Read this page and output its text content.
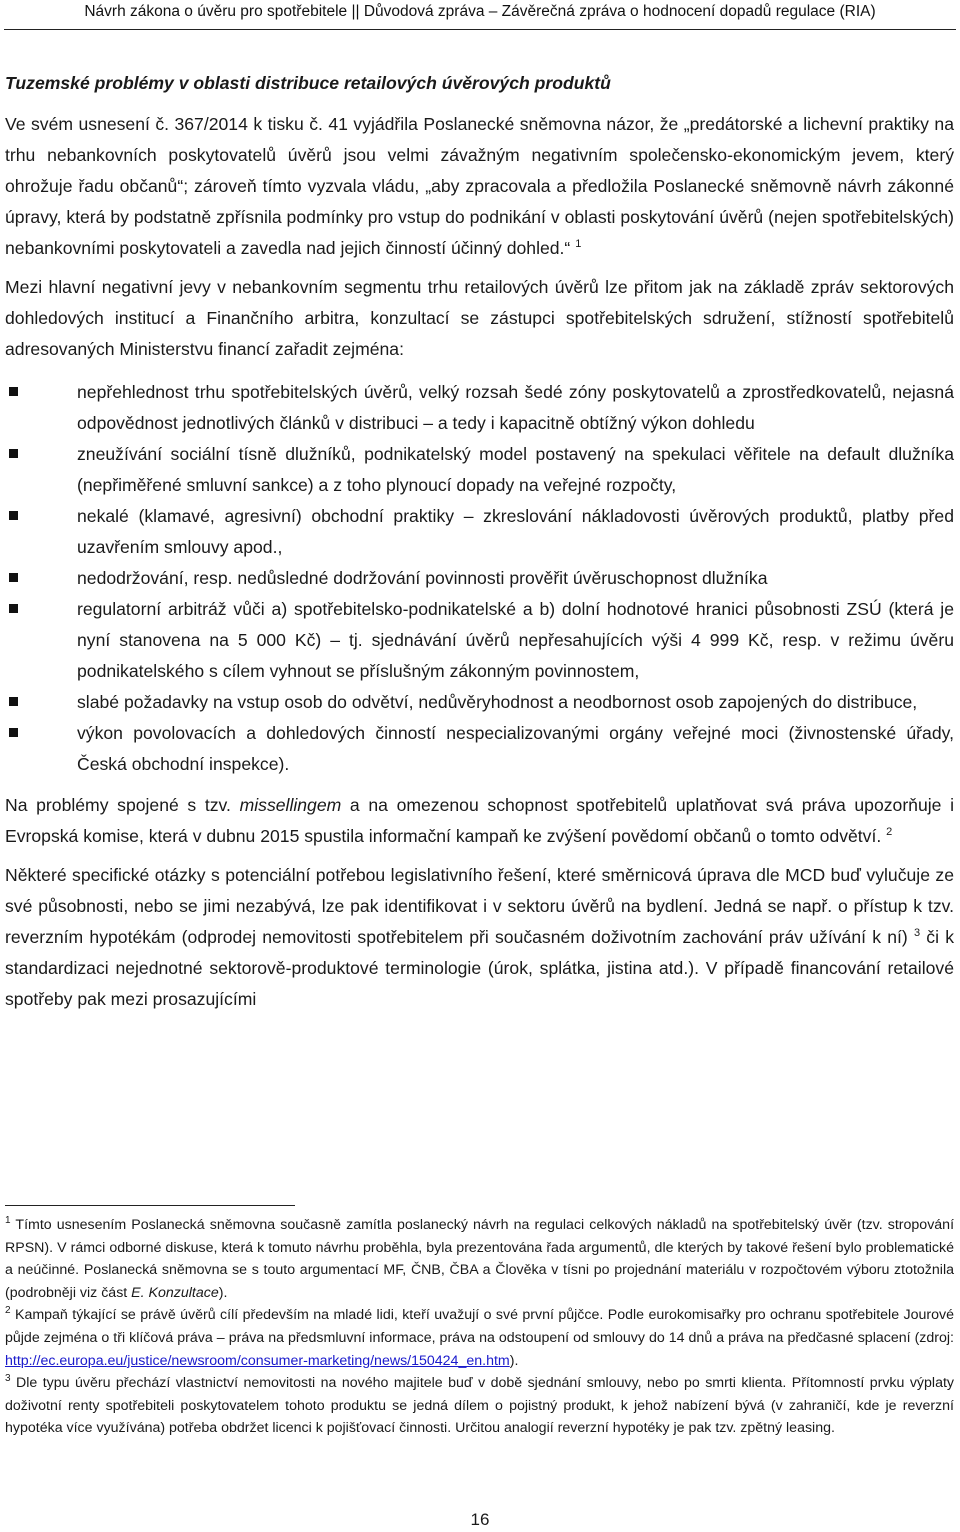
Návrh zákona o úvěru pro spotřebitele || Důvodová zpráva – Závěrečná zpráva o hodnocení dopadů regulace (RIA)
Tuzemské problémy v oblasti distribuce retailových úvěrových produktů

Ve svém usnesení č. 367/2014 k tisku č. 41 vyjádřila Poslanecké sněmovna názor, že „predátorské a lichevní praktiky na trhu nebankovních poskytovatelů úvěrů jsou velmi závažným negativním společensko-ekonomickým jevem, který ohrožuje řadu občanů“; zároveň tímto vyzvala vládu, „aby zpracovala a předložila Poslanecké sněmovně návrh zákonné úpravy, která by podstatně zpřísnila podmínky pro vstup do podnikání v oblasti poskytování úvěrů (nejen spotřebitelských) nebankovními poskytovateli a zavedla nad jejich činností účinný dohled.“ $^1$

Mezi hlavní negativní jevy v nebankovním segmentu trhu retailových úvěrů lze přitom jak na základě zpráv sektorových dohledových institucí a Finančního arbitra, konzultací se zástupci spotřebitelských sdružení, stížností spotřebitelů adresovaných Ministerstvu financí zařadit zejména:

nepřehlednost trhu spotřebitelských úvěrů, velký rozsah šedé zóny poskytovatelů a zprostředkovatelů, nejasná odpovědnost jednotlivých článků v distribuci – a tedy i kapacitně obtížný výkon dohledu
zneužívání sociální tísně dlužníků, podnikatelský model postavený na spekulaci věřitele na default dlužníka (nepřiměřené smluvní sankce) a z toho plynoucí dopady na veřejné rozpočty,
nekalé (klamavé, agresivní) obchodní praktiky – zkreslování nákladovosti úvěrových produktů, platby před uzavřením smlouvy apod.,
nedodržování, resp. nedůsledné dodržování povinnosti prověřit úvěruschopnost dlužníka
regulatorní arbitráž vůči a) spotřebitelsko-podnikatelské a b) dolní hodnotové hranici působnosti ZSÚ (která je nyní stanovena na 5 000 Kč) – tj. sjednávání úvěrů nepřesahujících výši 4 999 Kč, resp. v režimu úvěru podnikatelského s cílem vyhnout se příslušným zákonným povinnostem,
slabé požadavky na vstup osob do odvětví, nedůvěryhodnost a neodbornost osob zapojených do distribuce,
výkon povolovacích a dohledových činností nespecializovanými orgány veřejné moci (živnostenské úřady, Česká obchodní inspekce).

Na problémy spojené s tzv. missellingem a na omezenou schopnost spotřebitelů uplatňovat svá práva upozorňuje i Evropská komise, která v dubnu 2015 spustila informační kampaň ke zvýšení povědomí občanů o tomto odvětví. $^2$

Některé specifické otázky s potenciální potřebou legislativního řešení, které směrnicová úprava dle MCD buď vylučuje ze své působnosti, nebo se jimi nezabývá, lze pak identifikovat i v sektoru úvěrů na bydlení. Jedná se např. o přístup k tzv. reverzním hypotékám (odprodej nemovitosti spotřebitelem při současném doživotním zachování práv užívání k ní) $^3$ či k standardizaci nejednotné sektorově-produktové terminologie (úrok, splátka, jistina atd.). V případě financování retailové spotřeby pak mezi prosazujícími

$^1$ Tímto usnesením Poslanecká sněmovna současně zamítla poslanecký návrh na regulaci celkových nákladů na spotřebitelský úvěr (tzv. stropování RPSN). V rámci odborné diskuse, která k tomuto návrhu proběhla, byla prezentována řada argumentů, dle kterých by takové řešení bylo problematické a neúčinné. Poslanecká sněmovna se s touto argumentací MF, ČNB, ČBA a Člověka v tísni po projednání materiálu v rozpočtovém výboru ztotožnila (podrobněji viz část E. Konzultace).

$^2$ Kampaň týkající se právě úvěrů cílí především na mladé lidi, kteří uvažují o své první půjčce. Podle eurokomisařky pro ochranu spotřebitele Jourové půjde zejména o tři klíčová práva – práva na předsmluvní informace, práva na odstoupení od smlouvy do 14 dnů a práva na předčasné splacení (zdroj: http://ec.europa.eu/justice/newsroom/consumer-marketing/news/150424_en.htm).

$^3$ Dle typu úvěru přechází vlastnictví nemovitosti na nového majitele buď v době sjednání smlouvy, nebo po smrti klienta. Přítomností prvku výplaty doživotní renty spotřebiteli poskytovatelem tohoto produktu se jedná dílem o pojistný produkt, k jehož nabízení bývá (v zahraničí, kde je reverzní hypotéka více využívána) potřeba obdržet licenci k pojišťovací činnosti. Určitou analogií reverzní hypotéky je pak tzv. zpětný leasing.

16
